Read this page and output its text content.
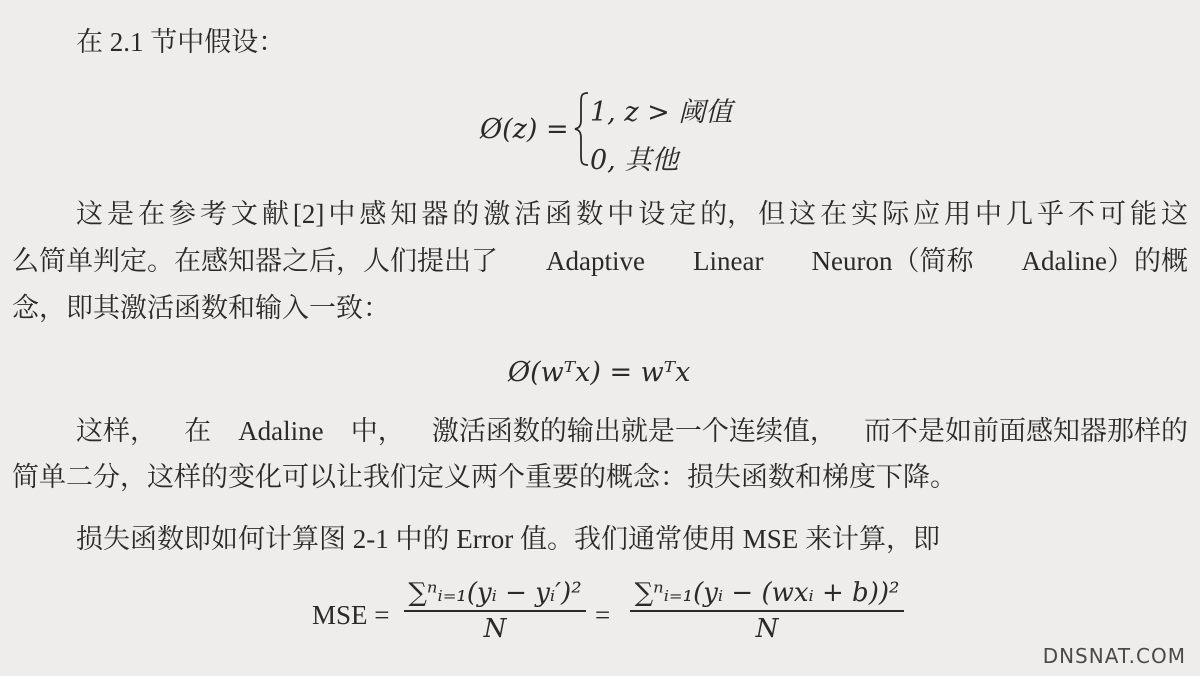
在 2.1 节中假设：
Ø(z) =
1, z > 阈值
0, 其他
这 是 在 参 考 文 献 [2] 中 感 知 器 的 激 活 函 数 中 设 定 的， 但 这 在 实 际 应 用 中 几 乎 不 可 能 这
么简单判定。在感知器之后，人们提出了 Adaptive Linear Neuron（简称 Adaline）的概
念，即其激活函数和输入一致：
Ø(wᵀx) = wᵀx
这样， 在 Adaline 中， 激活函数的输出就是一个连续值， 而不是如前面感知器那样的
简单二分，这样的变化可以让我们定义两个重要的概念：损失函数和梯度下降。
损失函数即如何计算图 2-1 中的 Error 值。我们通常使用 MSE 来计算，即
MSE =
∑ⁿᵢ₌₁(yᵢ − yᵢ′)²
N	=
∑ⁿᵢ₌₁(yᵢ − (wxᵢ + b))²
N
DNSNAT.COM
